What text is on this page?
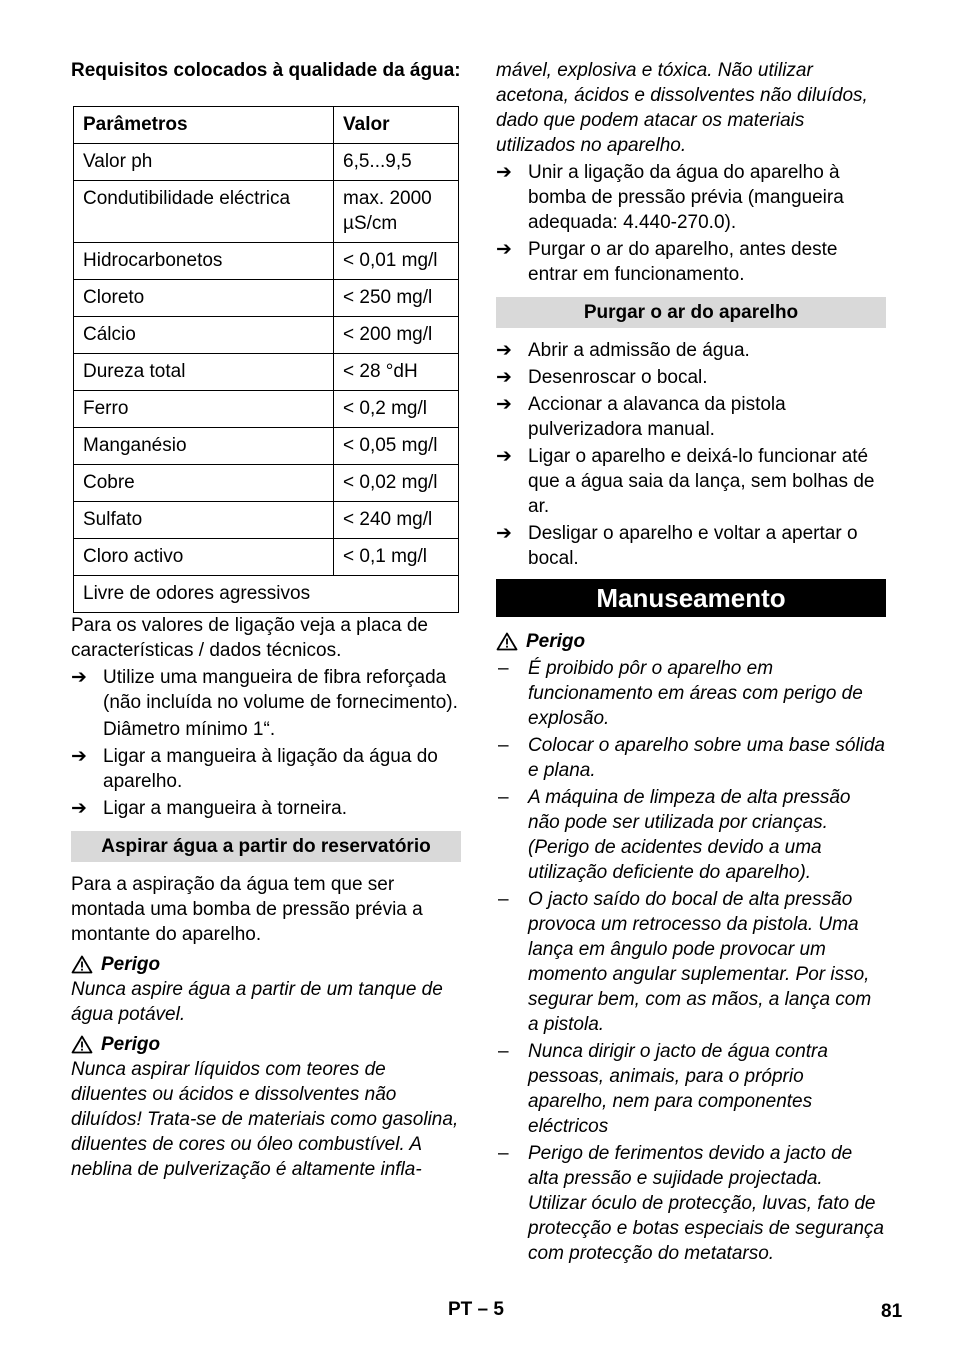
Requisitos colocados à qualidade da água:

Parâmetros	Valor
Valor ph	6,5...9,5
Condutibilidade eléctrica	max. 2000 µS/cm
Hidrocarbonetos	< 0,01 mg/l
Cloreto	< 250 mg/l
Cálcio	< 200 mg/l
Dureza total	< 28 °dH
Ferro	< 0,2 mg/l
Manganésio	< 0,05 mg/l
Cobre	< 0,02 mg/l
Sulfato	< 240 mg/l
Cloro activo	< 0,1 mg/l
Livre de odores agressivos	

Para os valores de ligação veja a placa de características / dados técnicos.

➔ Utilize uma mangueira de fibra reforçada (não incluída no volume de fornecimento).

Diâmetro mínimo 1“.

➔ Ligar a mangueira à ligação da água do aparelho.
➔ Ligar a mangueira à torneira.
Aspirar água a partir do reservatório

Para a aspiração da água tem que ser montada uma bomba de pressão prévia a montante do aparelho.

Perigo

Nunca aspire água a partir de um tanque de água potável.

Perigo

Nunca aspirar líquidos com teores de diluentes ou ácidos e dissolventes não diluídos! Trata-se de materiais como gasolina, diluentes de cores ou óleo combustível. A neblina de pulverização é altamente infla-

mável, explosiva e tóxica. Não utilizar acetona, ácidos e dissolventes não diluídos, dado que podem atacar os materiais utilizados no aparelho.

➔ Unir a ligação da água do aparelho à bomba de pressão prévia (mangueira adequada: 4.440-270.0).
➔ Purgar o ar do aparelho, antes deste entrar em funcionamento.
Purgar o ar do aparelho
➔ Abrir a admissão de água.
➔ Desenroscar o bocal.
➔ Accionar a alavanca da pistola pulverizadora manual.
➔ Ligar o aparelho e deixá-lo funcionar até que a água saia da lança, sem bolhas de ar.
➔ Desligar o aparelho e voltar a apertar o bocal.
Manuseamento
Perigo
–	É proibido pôr o aparelho em funcionamento em áreas com perigo de explosão.
–	Colocar o aparelho sobre uma base sólida e plana.
–	A máquina de limpeza de alta pressão não pode ser utilizada por crianças. (Perigo de acidentes devido a uma utilização deficiente do aparelho).
–	O jacto saído do bocal de alta pressão provoca um retrocesso da pistola. Uma lança em ângulo pode provocar um momento angular suplementar. Por isso, segurar bem, com as mãos, a lança com a pistola.
–	Nunca dirigir o jacto de água contra pessoas, animais, para o próprio aparelho, nem para componentes eléctricos
–	Perigo de ferimentos devido a jacto de alta pressão e sujidade projectada. Utilizar óculo de protecção, luvas, fato de protecção e botas especiais de segurança com protecção do metatarso.
PT – 5	81
